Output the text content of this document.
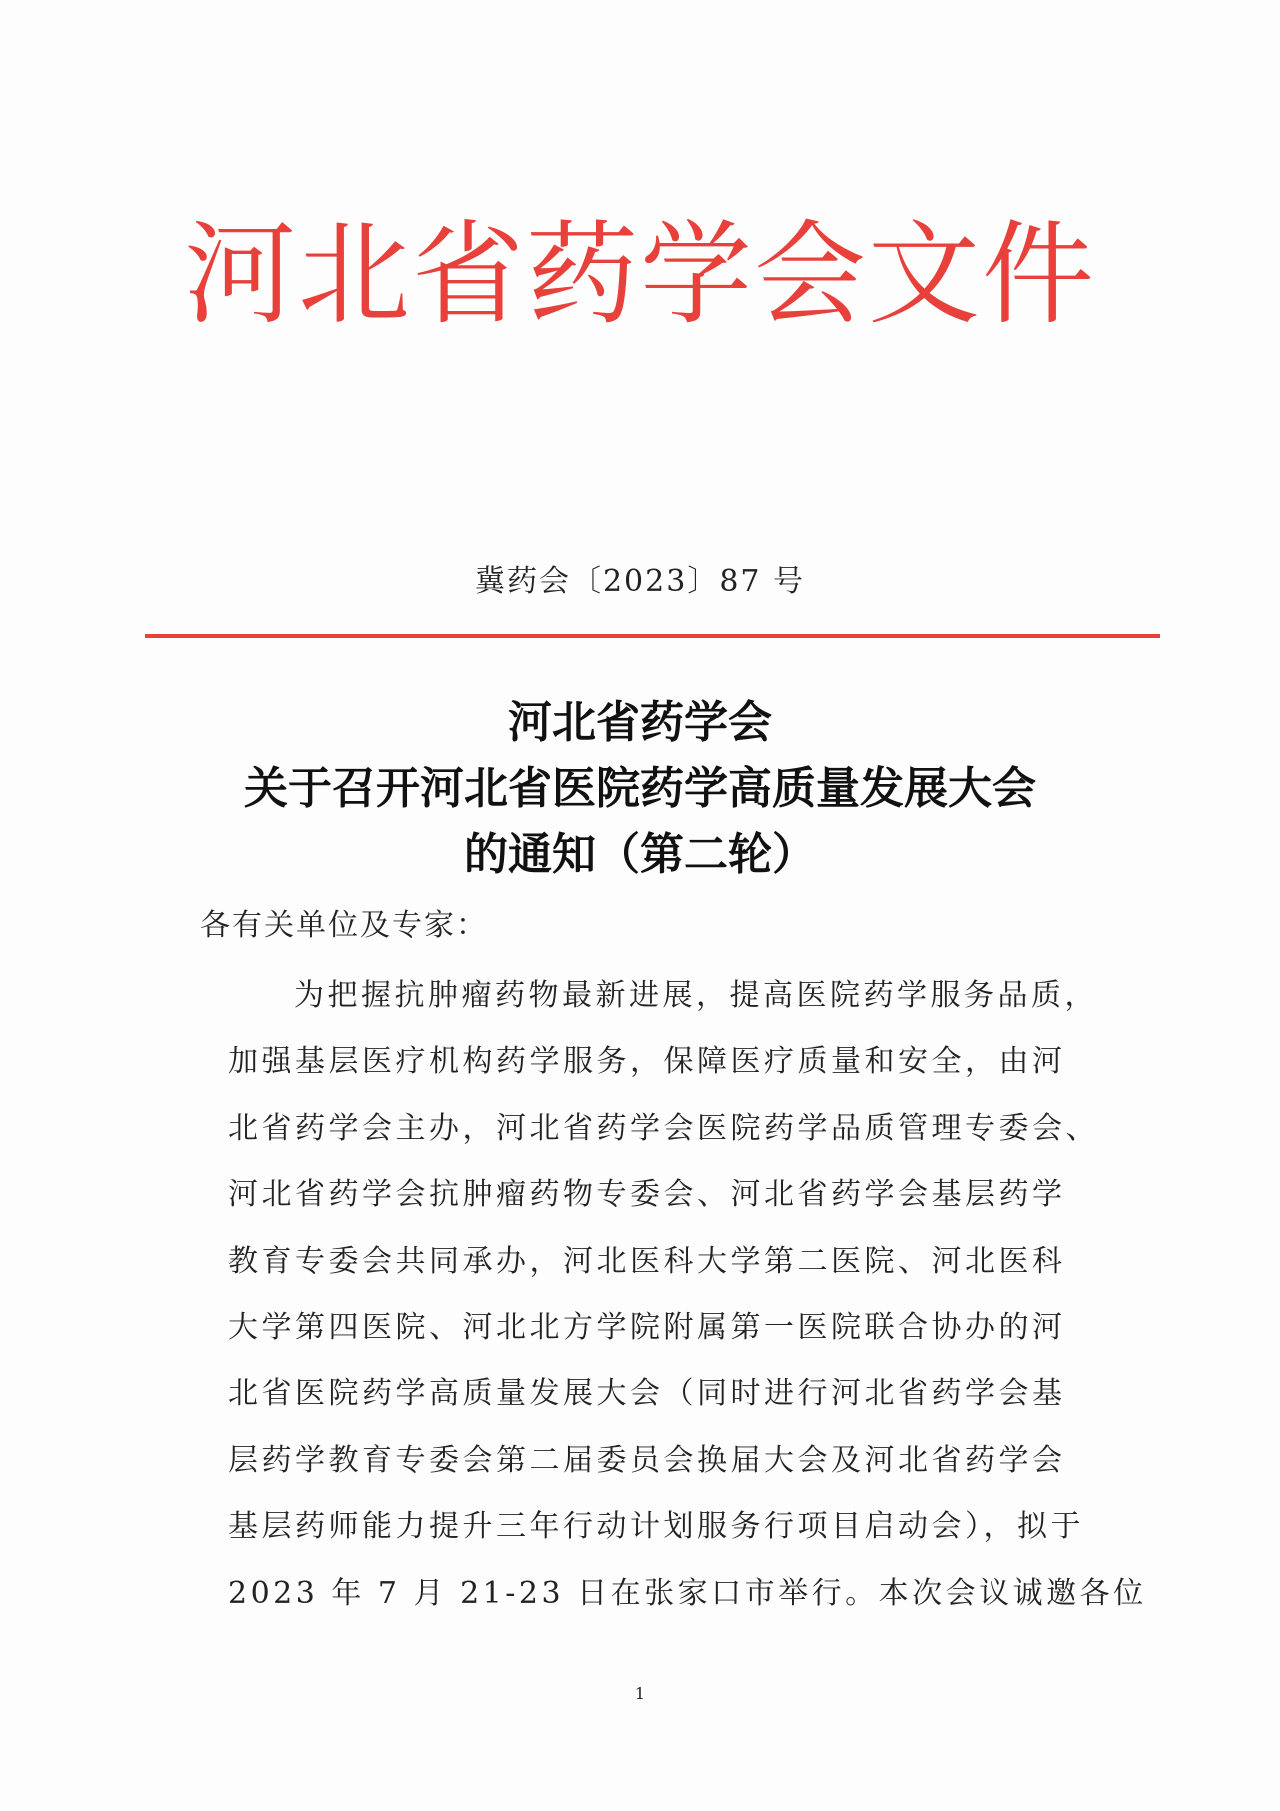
河北省药学会文件
冀药会〔2023〕87 号
河北省药学会
关于召开河北省医院药学高质量发展大会
的通知（第二轮）
各有关单位及专家：
为把握抗肿瘤药物最新进展，提高医院药学服务品质，
加强基层医疗机构药学服务，保障医疗质量和安全，由河
北省药学会主办，河北省药学会医院药学品质管理专委会、
河北省药学会抗肿瘤药物专委会、河北省药学会基层药学
教育专委会共同承办，河北医科大学第二医院、河北医科
大学第四医院、河北北方学院附属第一医院联合协办的河
北省医院药学高质量发展大会（同时进行河北省药学会基
层药学教育专委会第二届委员会换届大会及河北省药学会
基层药师能力提升三年行动计划服务行项目启动会），拟于
2023 年 7 月 21-23 日在张家口市举行。本次会议诚邀各位
1
